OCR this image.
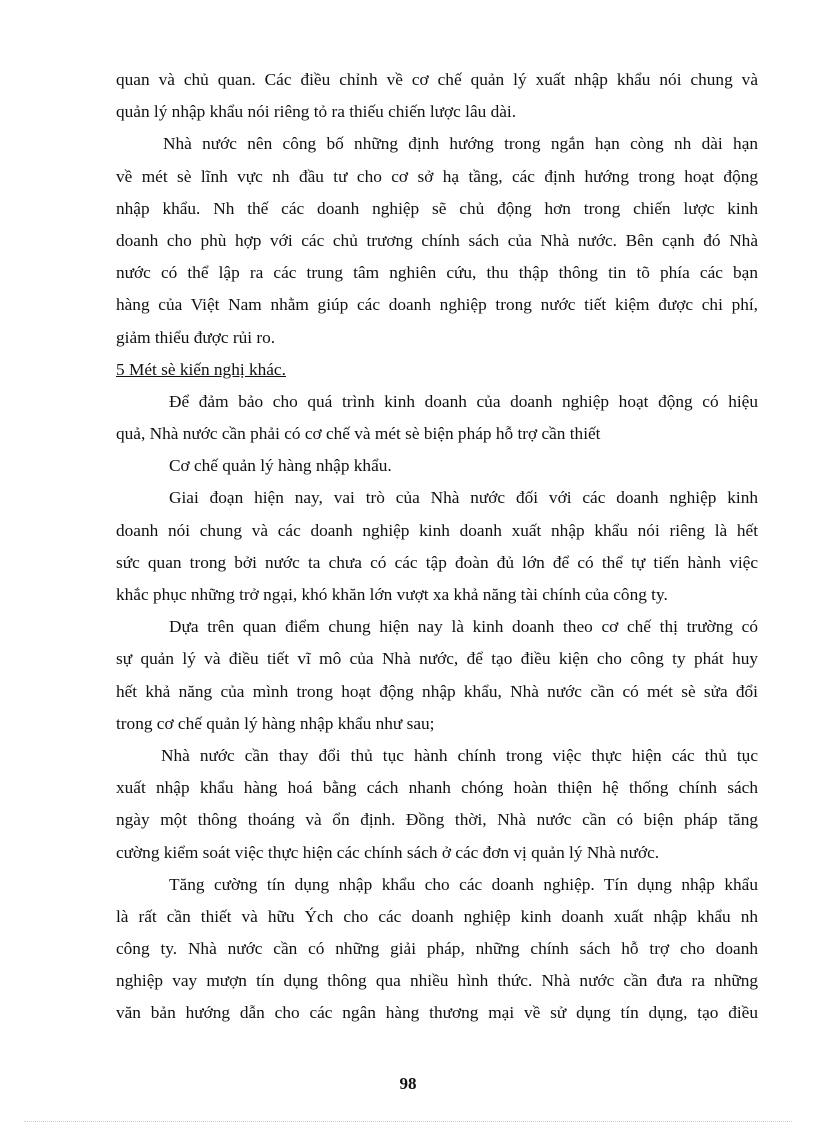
quan và chủ quan. Các điều chỉnh về cơ chế quản lý xuất nhập khẩu nói chung và
quản lý nhập khẩu nói riêng tỏ ra thiếu chiến lược lâu dài.
Nhà nước nên công bố những định hướng trong ngắn hạn còng nh dài hạn
về mét sè lĩnh vực nh đầu tư cho cơ sở hạ tầng, các định hướng trong hoạt động
nhập khẩu. Nh thế các doanh nghiệp sẽ chủ động hơn trong chiến lược kinh
doanh cho phù hợp với các chủ trương chính sách của Nhà nước. Bên cạnh đó Nhà
nước có thể lập ra các trung tâm nghiên cứu, thu thập thông tin tõ phía các bạn
hàng của Việt Nam nhằm giúp các doanh nghiệp trong nước tiết kiệm được chi phí,
giảm thiểu được rủi ro.
5 Mét sè kiến nghị khác.
Để đảm bảo cho quá trình kinh doanh của doanh nghiệp hoạt động có hiệu
quả, Nhà nước cần phải có cơ chế và mét sè biện pháp hỗ trợ cần thiết
Cơ chế quản lý hàng nhập khẩu.
Giai đoạn hiện nay, vai trò của Nhà nước đối với các doanh nghiệp kinh
doanh nói chung và các doanh nghiệp kinh doanh xuất nhập khẩu nói riêng là hết
sức quan trong bởi nước ta chưa có các tập đoàn đủ lớn để có thể tự tiến hành việc
khắc phục những trở ngại, khó khăn lớn vượt xa khả năng tài chính của công ty.
Dựa trên quan điểm chung hiện nay là kinh doanh theo cơ chế thị trường có
sự quản lý và điều tiết vĩ mô của Nhà nước, để tạo điều kiện cho công ty phát huy
hết khả năng của mình trong hoạt động nhập khẩu, Nhà nước cần có mét sè sửa đổi
trong cơ chế quản lý hàng nhập khẩu như sau;
Nhà nước cần thay đổi thủ tục hành chính trong việc thực hiện các thủ tục
xuất nhập khẩu hàng hoá bằng cách nhanh chóng hoàn thiện hệ thống chính sách
ngày một thông thoáng và ổn định. Đồng thời, Nhà nước cần có biện pháp tăng
cường kiểm soát việc thực hiện các chính sách ở các đơn vị quản lý Nhà nước.
Tăng cường tín dụng nhập khẩu cho các doanh nghiệp. Tín dụng nhập khẩu
là rất cần thiết và hữu Ých cho các doanh nghiệp kinh doanh xuất nhập khẩu nh
công ty. Nhà nước cần có những giải pháp, những chính sách hỗ trợ cho doanh
nghiệp vay mượn tín dụng thông qua nhiều hình thức. Nhà nước cần đưa ra những
văn bản hướng dẫn cho các ngân hàng thương mại về sử dụng tín dụng, tạo điều
98
